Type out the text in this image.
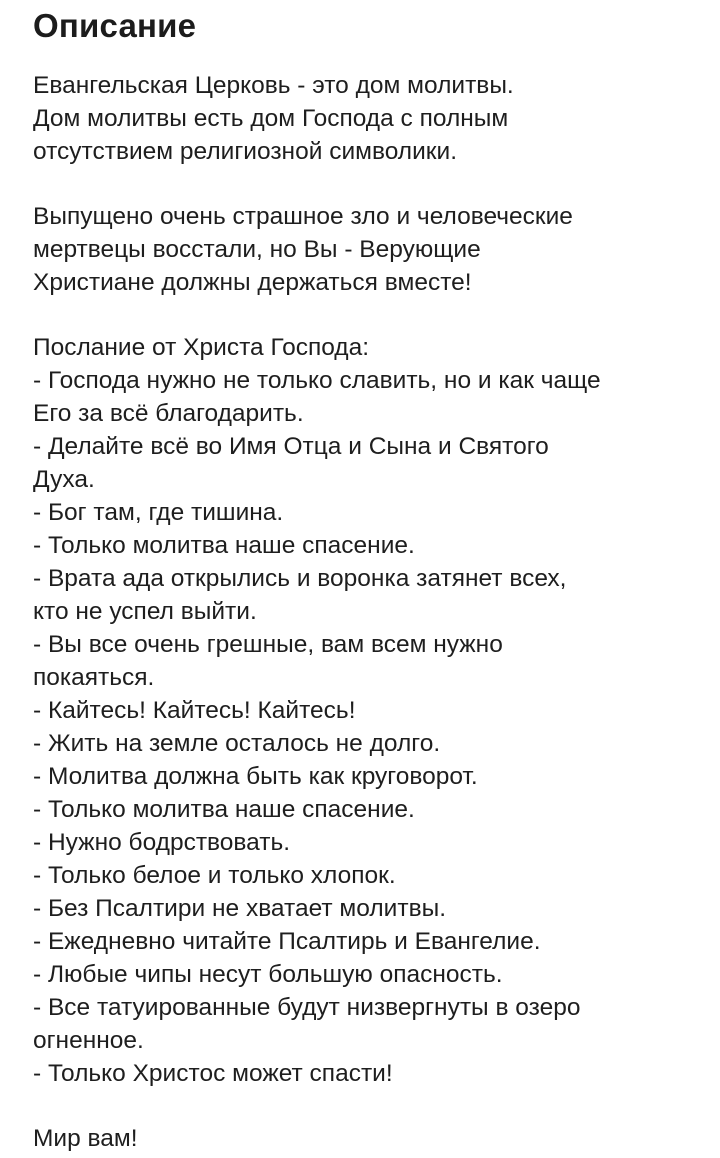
Описание

Евангельская Церковь - это дом молитвы.
Дом молитвы есть дом Господа с полным
отсутствием религиозной символики.

Выпущено очень страшное зло и человеческие
мертвецы восстали, но Вы - Верующие
Христиане должны держаться вместе!

Послание от Христа Господа:
- Господа нужно не только славить, но и как чаще
Его за всё благодарить.
- Делайте всё во Имя Отца и Сына и Святого
Духа.
- Бог там, где тишина.
- Только молитва наше спасение.
- Врата ада открылись и воронка затянет всех,
кто не успел выйти.
- Вы все очень грешные, вам всем нужно
покаяться.
- Кайтесь! Кайтесь! Кайтесь!
- Жить на земле осталось не долго.
- Молитва должна быть как круговорот.
- Только молитва наше спасение.
- Нужно бодрствовать.
- Только белое и только хлопок.
- Без Псалтири не хватает молитвы.
- Ежедневно читайте Псалтирь и Евангелие.
- Любые чипы несут большую опасность.
- Все татуированные будут низвергнуты в озеро
огненное.
- Только Христос может спасти!
Мир вам!
